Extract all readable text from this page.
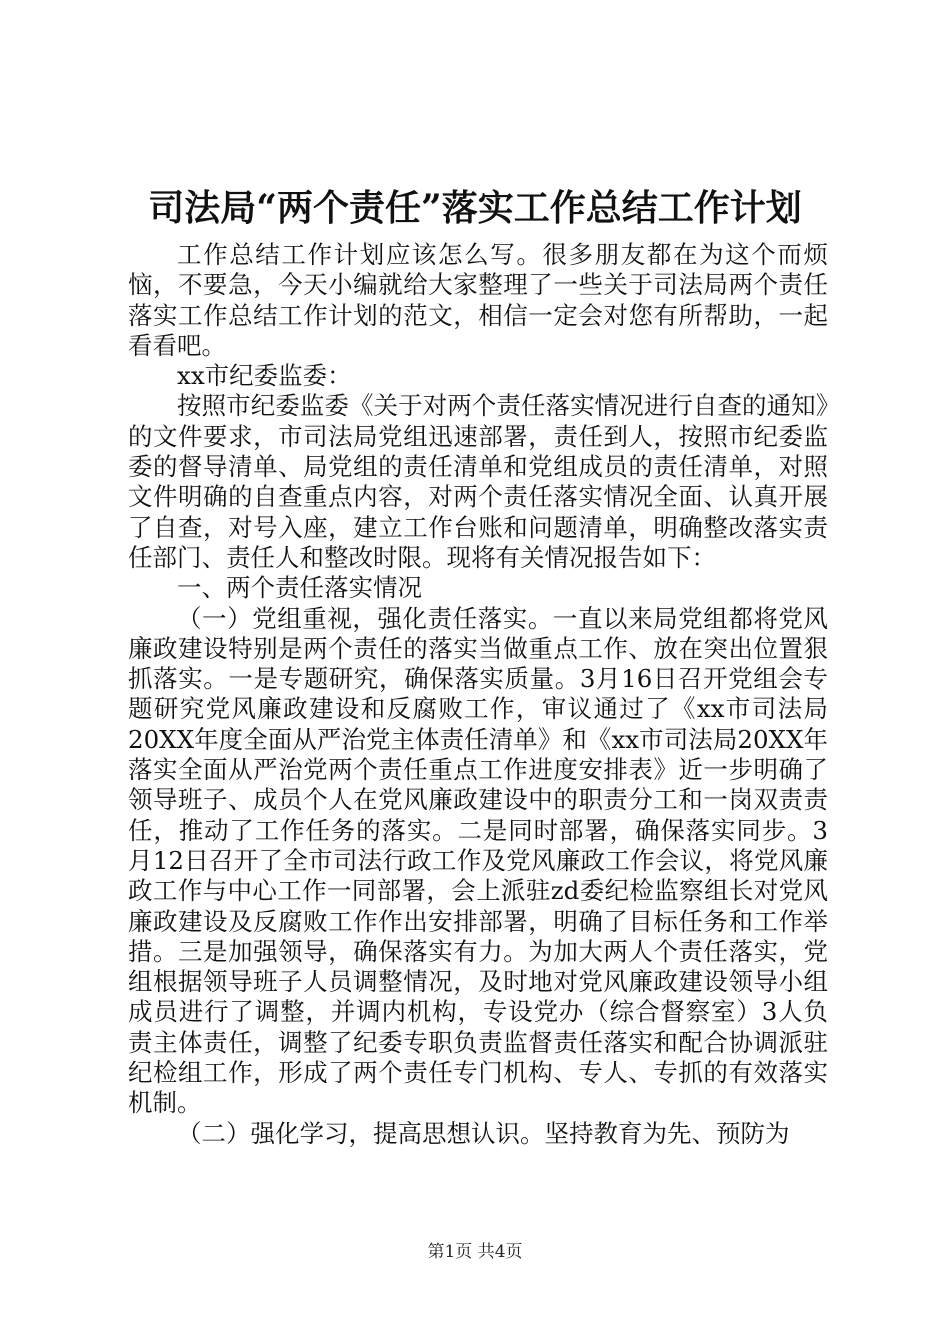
司法局“两个责任”落实工作总结工作计划

工作总结工作计划应该怎么写。很多朋友都在为这个而烦恼，不要急，今天小编就给大家整理了一些关于司法局两个责任落实工作总结工作计划的范文，相信一定会对您有所帮助，一起看看吧。

xx市纪委监委：

按照市纪委监委《关于对两个责任落实情况进行自查的通知》的文件要求，市司法局党组迅速部署，责任到人，按照市纪委监委的督导清单、局党组的责任清单和党组成员的责任清单，对照文件明确的自查重点内容，对两个责任落实情况全面、认真开展了自查，对号入座，建立工作台账和问题清单，明确整改落实责任部门、责任人和整改时限。现将有关情况报告如下：

一、两个责任落实情况

（一）党组重视，强化责任落实。一直以来局党组都将党风廉政建设特别是两个责任的落实当做重点工作、放在突出位置狠抓落实。一是专题研究，确保落实质量。3月16日召开党组会专题研究党风廉政建设和反腐败工作，审议通过了《xx市司法局20XX年度全面从严治党主体责任清单》和《xx市司法局20XX年落实全面从严治党两个责任重点工作进度安排表》近一步明确了领导班子、成员个人在党风廉政建设中的职责分工和一岗双责责任，推动了工作任务的落实。二是同时部署，确保落实同步。3月12日召开了全市司法行政工作及党风廉政工作会议，将党风廉政工作与中心工作一同部署，会上派驻zd委纪检监察组长对党风廉政建设及反腐败工作作出安排部署，明确了目标任务和工作举措。三是加强领导，确保落实有力。为加大两人个责任落实，党组根据领导班子人员调整情况，及时地对党风廉政建设领导小组成员进行了调整，并调内机构，专设党办（综合督察室）3人负责主体责任，调整了纪委专职负责监督责任落实和配合协调派驻纪检组工作，形成了两个责任专门机构、专人、专抓的有效落实机制。

（二）强化学习，提高思想认识。坚持教育为先、预防为

第1页 共4页
